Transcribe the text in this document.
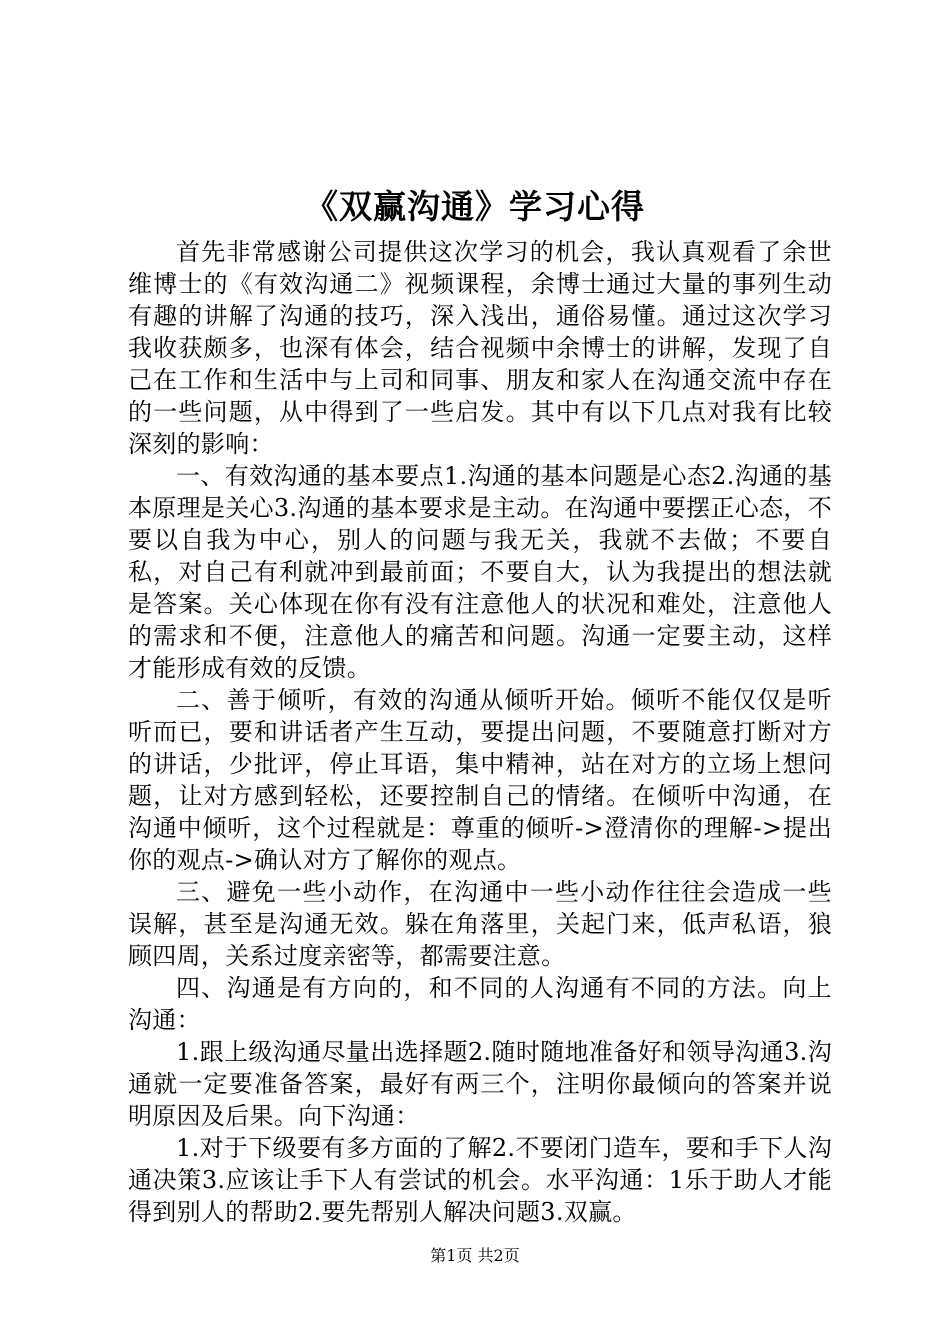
《双赢沟通》学习心得

首先非常感谢公司提供这次学习的机会，我认真观看了余世维博士的《有效沟通二》视频课程，余博士通过大量的事列生动有趣的讲解了沟通的技巧，深入浅出，通俗易懂。通过这次学习我收获颇多，也深有体会，结合视频中余博士的讲解，发现了自己在工作和生活中与上司和同事、朋友和家人在沟通交流中存在的一些问题，从中得到了一些启发。其中有以下几点对我有比较深刻的影响：

一、有效沟通的基本要点1.沟通的基本问题是心态2.沟通的基本原理是关心3.沟通的基本要求是主动。在沟通中要摆正心态，不要以自我为中心，别人的问题与我无关，我就不去做；不要自私，对自己有利就冲到最前面；不要自大，认为我提出的想法就是答案。关心体现在你有没有注意他人的状况和难处，注意他人的需求和不便，注意他人的痛苦和问题。沟通一定要主动，这样才能形成有效的反馈。

二、善于倾听，有效的沟通从倾听开始。倾听不能仅仅是听听而已，要和讲话者产生互动，要提出问题，不要随意打断对方的讲话，少批评，停止耳语，集中精神，站在对方的立场上想问题，让对方感到轻松，还要控制自己的情绪。在倾听中沟通，在沟通中倾听，这个过程就是：尊重的倾听->澄清你的理解->提出你的观点->确认对方了解你的观点。

三、避免一些小动作，在沟通中一些小动作往往会造成一些误解，甚至是沟通无效。躲在角落里，关起门来，低声私语，狼顾四周，关系过度亲密等，都需要注意。

四、沟通是有方向的，和不同的人沟通有不同的方法。向上沟通：

1.跟上级沟通尽量出选择题2.随时随地准备好和领导沟通3.沟通就一定要准备答案，最好有两三个，注明你最倾向的答案并说明原因及后果。向下沟通：

1.对于下级要有多方面的了解2.不要闭门造车，要和手下人沟通决策3.应该让手下人有尝试的机会。水平沟通：1乐于助人才能得到别人的帮助2.要先帮别人解决问题3.双赢。

第1页 共2页
